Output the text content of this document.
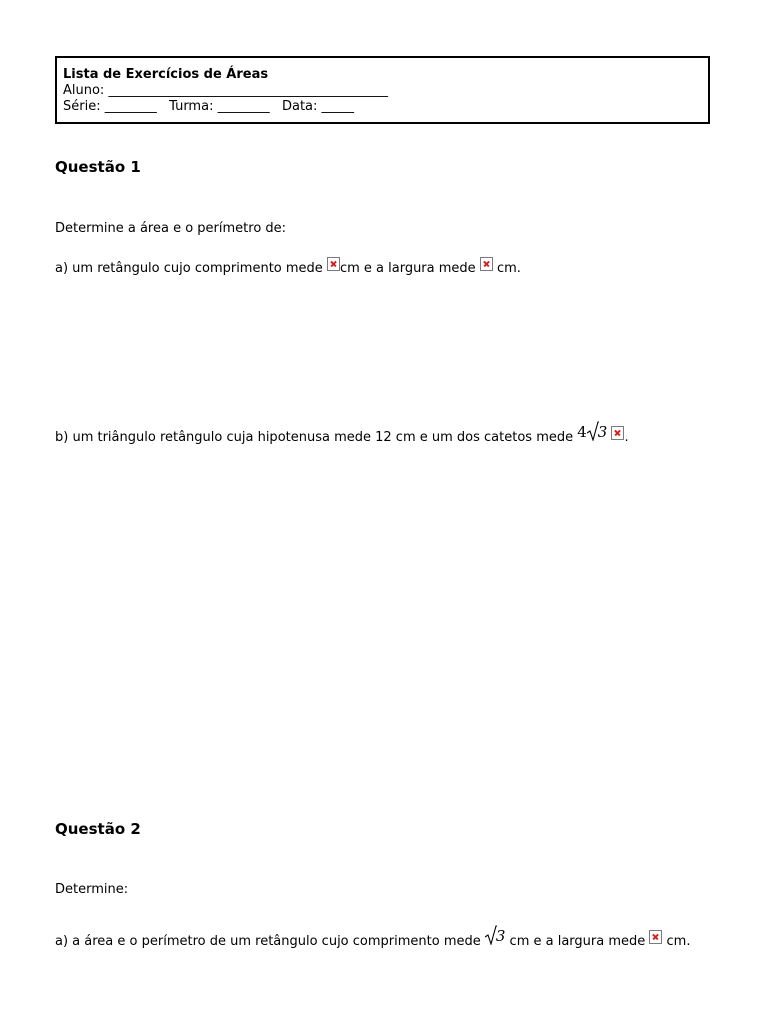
Lista de Exercícios de Áreas
Aluno: ___________________________________________
Série: ________   Turma: ________   Data: _____
Questão 1
Determine a área e o perímetro de:
a) um retângulo cujo comprimento mede cm e a largura mede  cm.
b) um triângulo retângulo cuja hipotenusa mede 12 cm e um dos catetos mede 4 3 .
Questão 2
Determine:
a) a área e o perímetro de um retângulo cujo comprimento mede
3 cm e a largura mede  cm.
